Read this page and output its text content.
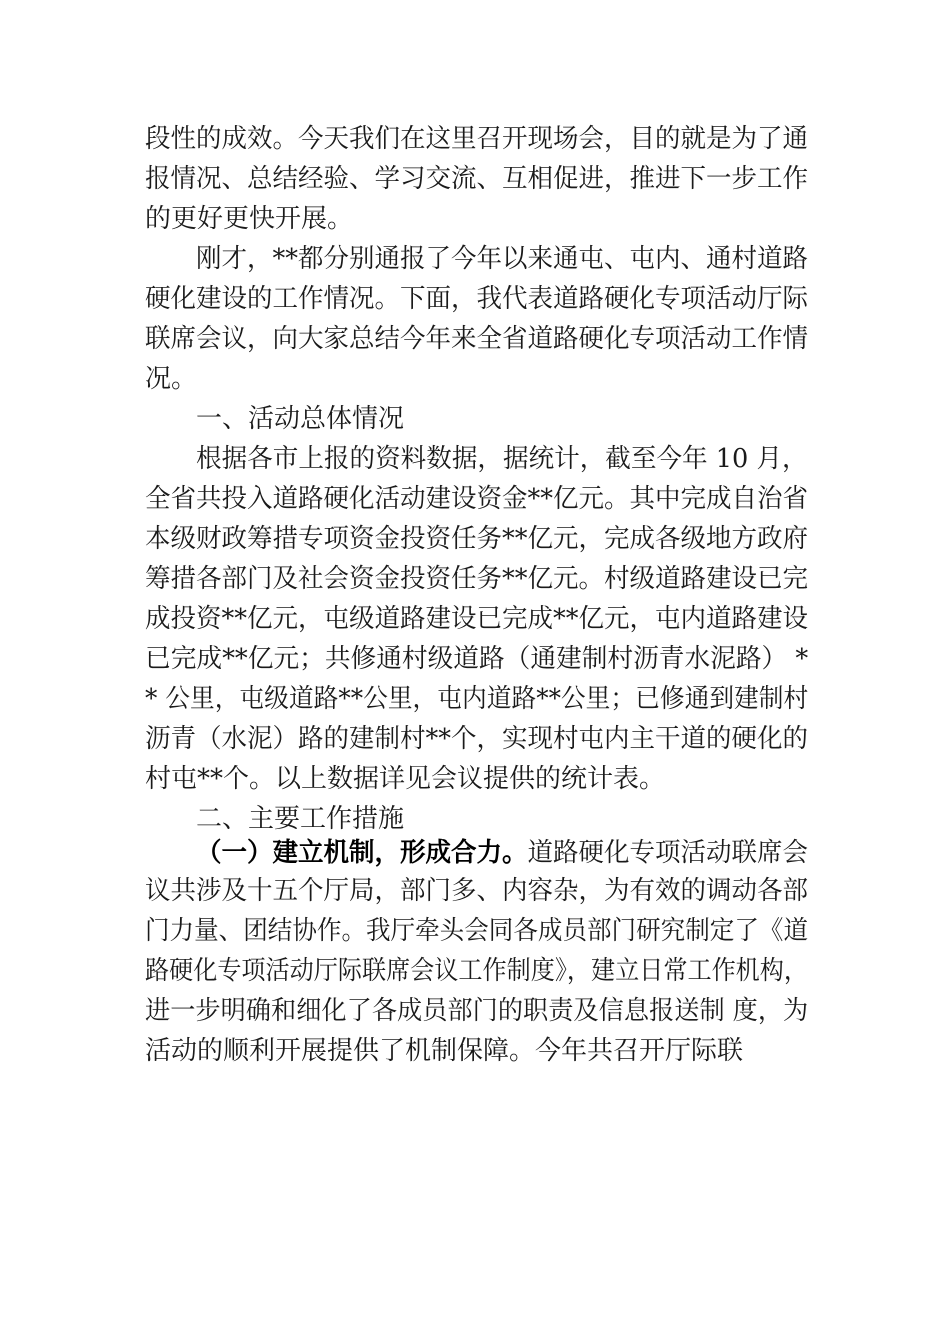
段性的成效。今天我们在这里召开现场会，目的就是为了通
报情况、总结经验、学习交流、互相促进，推进下一步工作
的更好更快开展。
刚才，**都分别通报了今年以来通屯、屯内、通村道路
硬化建设的工作情况。下面，我代表道路硬化专项活动厅际
联席会议，向大家总结今年来全省道路硬化专项活动工作情
况。
一、活动总体情况
根据各市上报的资料数据，据统计，截至今年 10 月，
全省共投入道路硬化活动建设资金**亿元。其中完成自治省
本级财政筹措专项资金投资任务**亿元，完成各级地方政府
筹措各部门及社会资金投资任务**亿元。村级道路建设已完
成投资**亿元，屯级道路建设已完成**亿元，屯内道路建设
已完成**亿元；共修通村级道路（通建制村沥青水泥路） *
* 公里，屯级道路**公里，屯内道路**公里；已修通到建制村
沥青（水泥）路的建制村**个，实现村屯内主干道的硬化的
村屯**个。以上数据详见会议提供的统计表。
二、主要工作措施
（一）建立机制，形成合力。道路硬化专项活动联席会
议共涉及十五个厅局，部门多、内容杂，为有效的调动各部
门力量、团结协作。我厅牵头会同各成员部门研究制定了《道
路硬化专项活动厅际联席会议工作制度》，建立日常工作机构，
进一步明确和细化了各成员部门的职责及信息报送制 度，为
活动的顺利开展提供了机制保障。今年共召开厅际联
